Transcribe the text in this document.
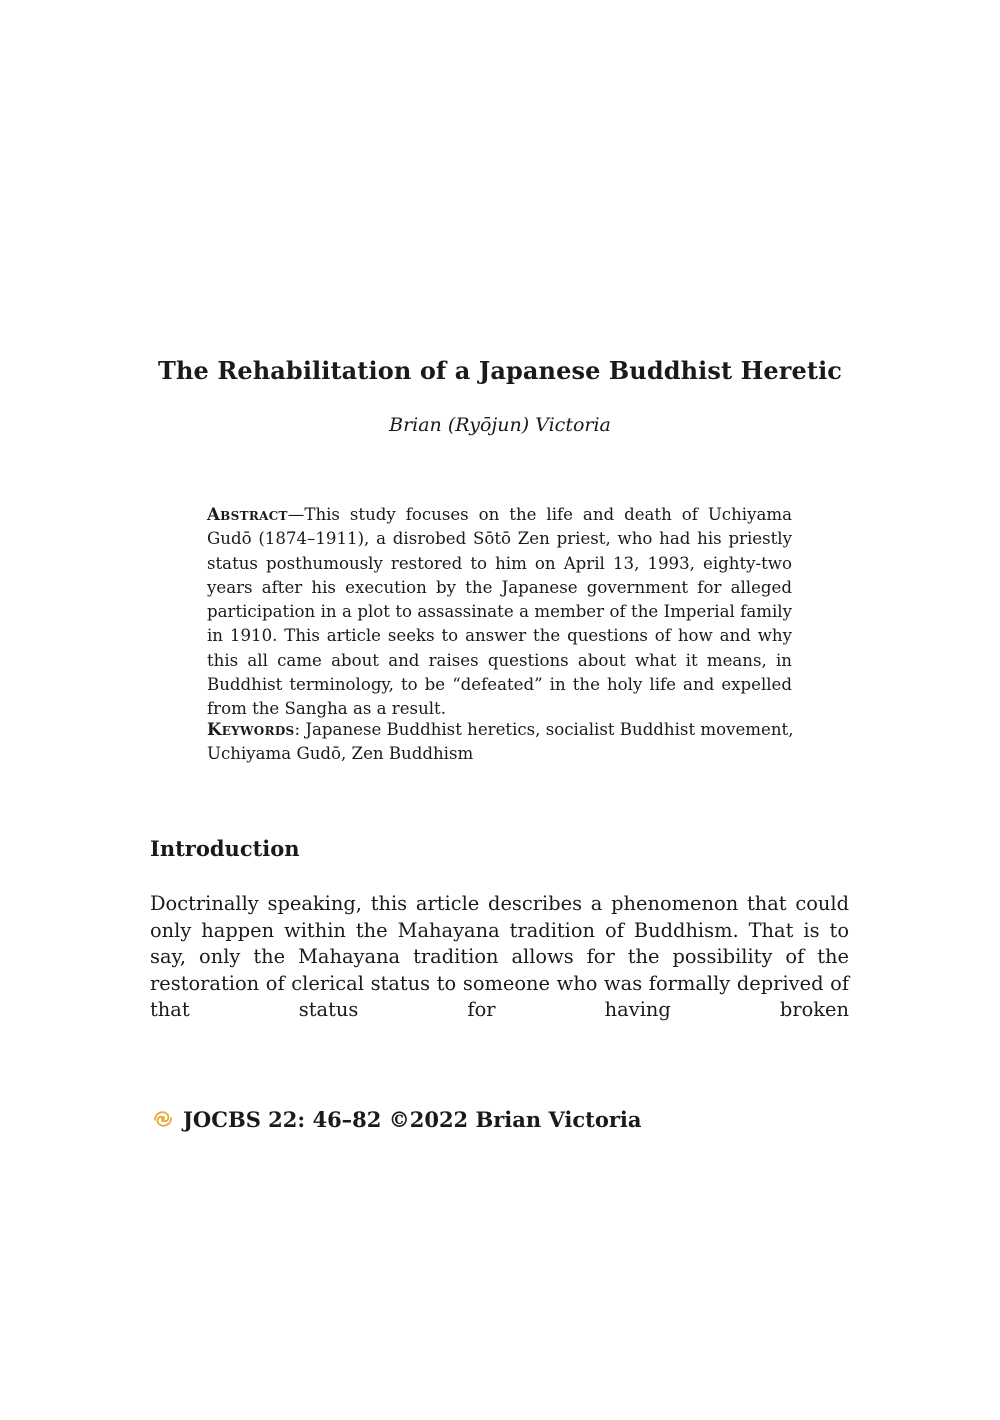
The Rehabilitation of a Japanese Buddhist Heretic
Brian (Ryōjun) Victoria
Abstract—This study focuses on the life and death of Uchiyama Gudō (1874–1911), a disrobed Sōtō Zen priest, who had his priestly status posthumously restored to him on April 13, 1993, eighty-two years after his execution by the Japanese government for alleged participation in a plot to assassinate a member of the Imperial family in 1910. This article seeks to answer the questions of how and why this all came about and raises questions about what it means, in Buddhist terminology, to be “defeated” in the holy life and expelled from the Sangha as a result.
Keywords: Japanese Buddhist heretics, socialist Buddhist movement, Uchiyama Gudō, Zen Buddhism
Introduction
Doctrinally speaking, this article describes a phenomenon that could only happen within the Mahayana tradition of Buddhism. That is to say, only the Mahayana tradition allows for the possibility of the restoration of clerical status to someone who was formally deprived of that status for having broken
JOCBS 22: 46–82 ©2022 Brian Victoria
